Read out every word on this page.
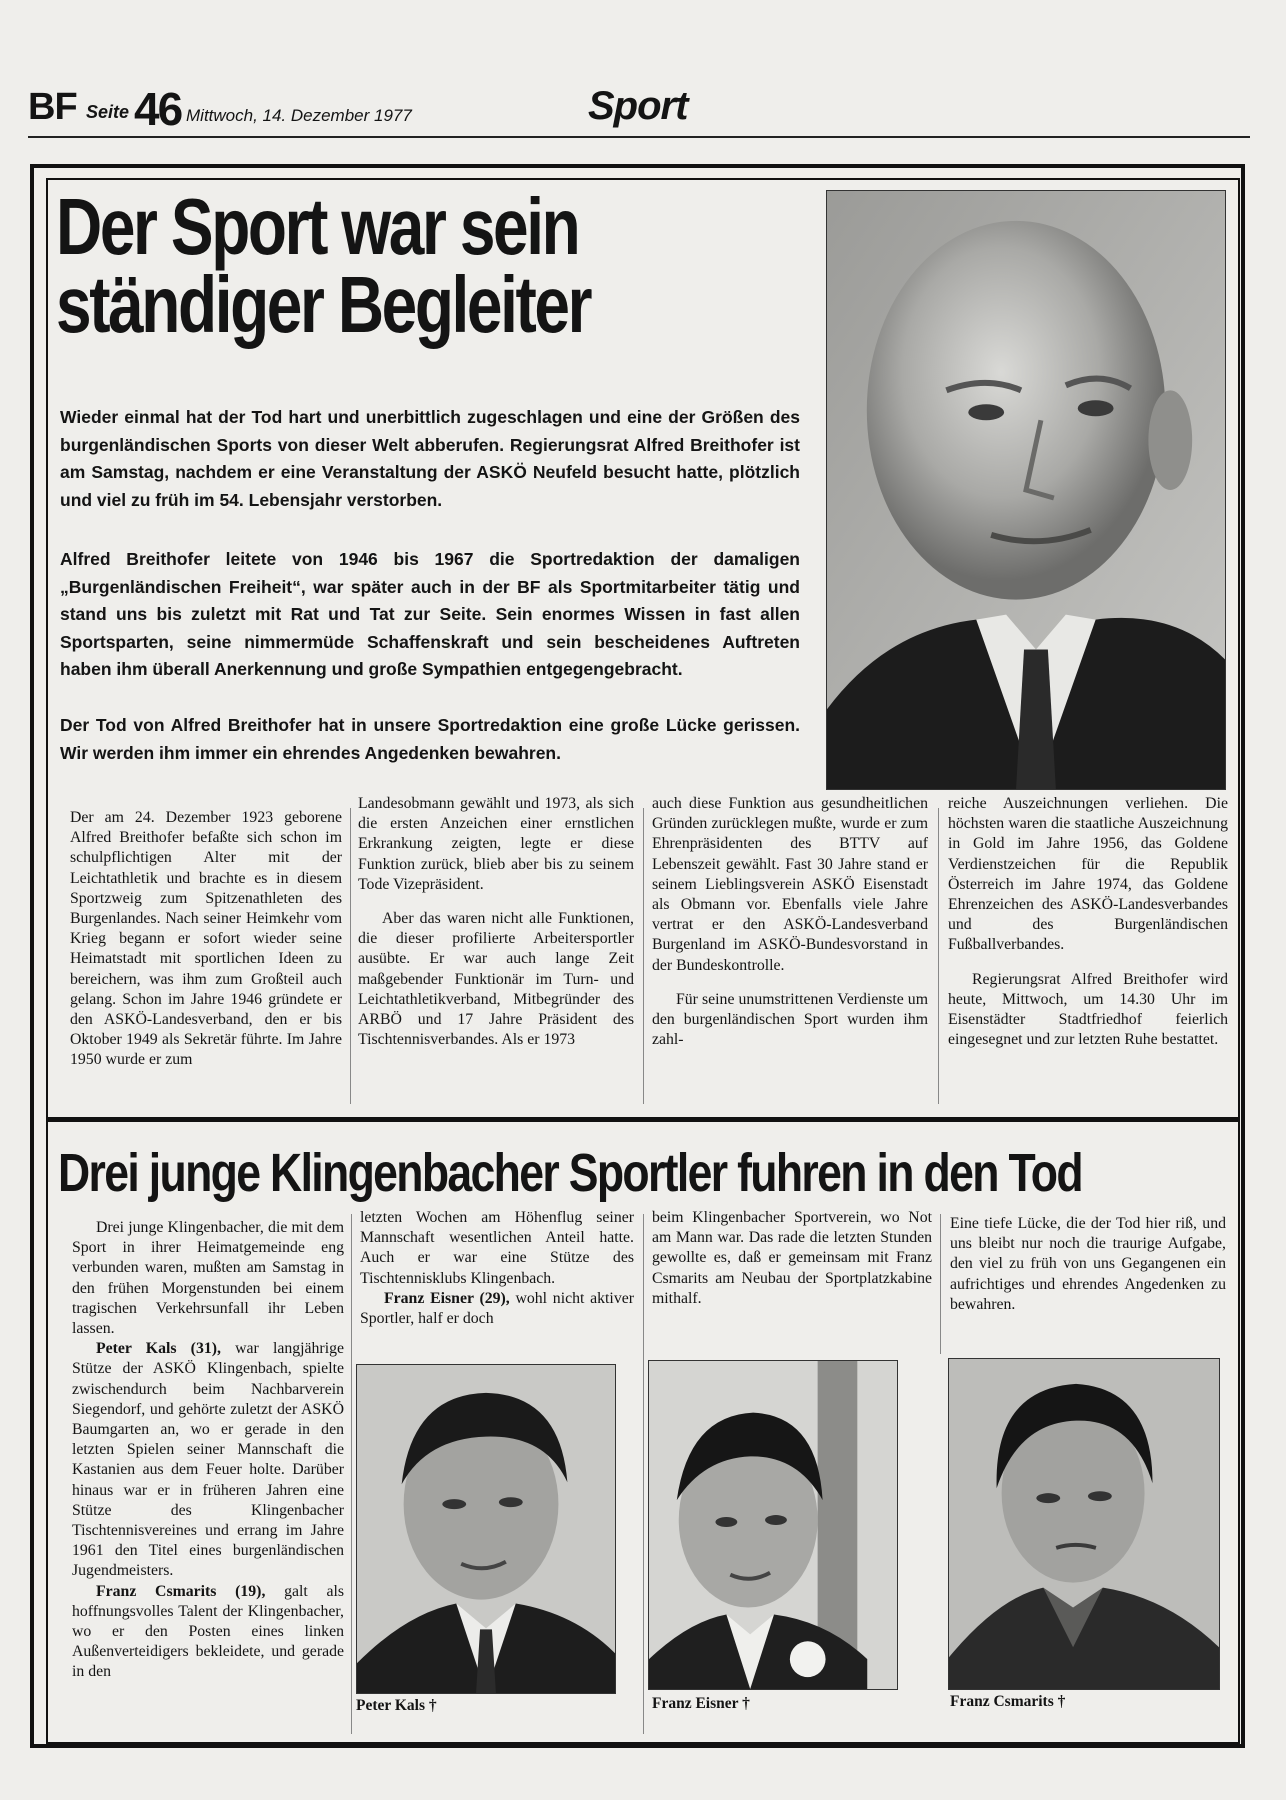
BF Seite 46 Mittwoch, 14. Dezember 1977	Sport
Der Sport war sein ständiger Begleiter

Wieder einmal hat der Tod hart und unerbittlich zugeschlagen und eine der Größen des burgenländischen Sports von dieser Welt abberufen. Regierungsrat Alfred Breithofer ist am Samstag, nachdem er eine Veranstaltung der ASKÖ Neufeld besucht hatte, plötzlich und viel zu früh im 54. Lebensjahr verstorben.

Alfred Breithofer leitete von 1946 bis 1967 die Sportredaktion der damaligen „Burgenländischen Freiheit“, war später auch in der BF als Sportmitarbeiter tätig und stand uns bis zuletzt mit Rat und Tat zur Seite. Sein enormes Wissen in fast allen Sportsparten, seine nimmermüde Schaffenskraft und sein bescheidenes Auftreten haben ihm überall Anerkennung und große Sympathien entgegengebracht.

Der Tod von Alfred Breithofer hat in unsere Sportredaktion eine große Lücke gerissen. Wir werden ihm immer ein ehrendes Angedenken bewahren.

Der am 24. Dezember 1923 geborene Alfred Breithofer befaßte sich schon im schulpflichtigen Alter mit der Leichtathletik und brachte es in diesem Sportzweig zum Spitzenathleten des Burgenlandes. Nach seiner Heimkehr vom Krieg begann er sofort wieder seine Heimatstadt mit sportlichen Ideen zu bereichern, was ihm zum Großteil auch gelang. Schon im Jahre 1946 gründete er den ASKÖ-Landesverband, den er bis Oktober 1949 als Sekretär führte. Im Jahre 1950 wurde er zum

Landesobmann gewählt und 1973, als sich die ersten Anzeichen einer ernstlichen Erkrankung zeigten, legte er diese Funktion zurück, blieb aber bis zu seinem Tode Vizepräsident.

Aber das waren nicht alle Funktionen, die dieser profilierte Arbeitersportler ausübte. Er war auch lange Zeit maßgebender Funktionär im Turn- und Leichtathletikverband, Mitbegründer des ARBÖ und 17 Jahre Präsident des Tischtennisverbandes. Als er 1973

auch diese Funktion aus gesundheitlichen Gründen zurücklegen mußte, wurde er zum Ehrenpräsidenten des BTTV auf Lebenszeit gewählt. Fast 30 Jahre stand er seinem Lieblingsverein ASKÖ Eisenstadt als Obmann vor. Ebenfalls viele Jahre vertrat er den ASKÖ-Landesverband Burgenland im ASKÖ-Bundesvorstand in der Bundeskontrolle.

Für seine unumstrittenen Verdienste um den burgenländischen Sport wurden ihm zahl-

reiche Auszeichnungen verliehen. Die höchsten waren die staatliche Auszeichnung in Gold im Jahre 1956, das Goldene Verdienstzeichen für die Republik Österreich im Jahre 1974, das Goldene Ehrenzeichen des ASKÖ-Landesverbandes und des Burgenländischen Fußballverbandes.

Regierungsrat Alfred Breithofer wird heute, Mittwoch, um 14.30 Uhr im Eisenstädter Stadtfriedhof feierlich eingesegnet und zur letzten Ruhe bestattet.

Drei junge Klingenbacher Sportler fuhren in den Tod

Drei junge Klingenbacher, die mit dem Sport in ihrer Heimatgemeinde eng verbunden waren, mußten am Samstag in den frühen Morgenstunden bei einem tragischen Verkehrsunfall ihr Leben lassen.

Peter Kals (31), war langjährige Stütze der ASKÖ Klingenbach, spielte zwischendurch beim Nachbarverein Siegendorf, und gehörte zuletzt der ASKÖ Baumgarten an, wo er gerade in den letzten Spielen seiner Mannschaft die Kastanien aus dem Feuer holte. Darüber hinaus war er in früheren Jahren eine Stütze des Klingenbacher Tischtennisvereines und errang im Jahre 1961 den Titel eines burgenländischen Jugendmeisters.

Franz Csmarits (19), galt als hoffnungsvolles Talent der Klingenbacher, wo er den Posten eines linken Außenverteidigers bekleidete, und gerade in den

letzten Wochen am Höhenflug seiner Mannschaft wesentlichen Anteil hatte. Auch er war eine Stütze des Tischtennisklubs Klingenbach.

Franz Eisner (29), wohl nicht aktiver Sportler, half er doch

beim Klingenbacher Sportverein, wo Not am Mann war. Das rade die letzten Stunden gewollte es, daß er gemeinsam mit Franz Csmarits am Neubau der Sportplatzkabine mithalf.

Eine tiefe Lücke, die der Tod hier riß, und uns bleibt nur noch die traurige Aufgabe, den viel zu früh von uns Gegangenen ein aufrichtiges und ehrendes Angedenken zu bewahren.

Peter Kals †	Franz Eisner †	Franz Csmarits †
